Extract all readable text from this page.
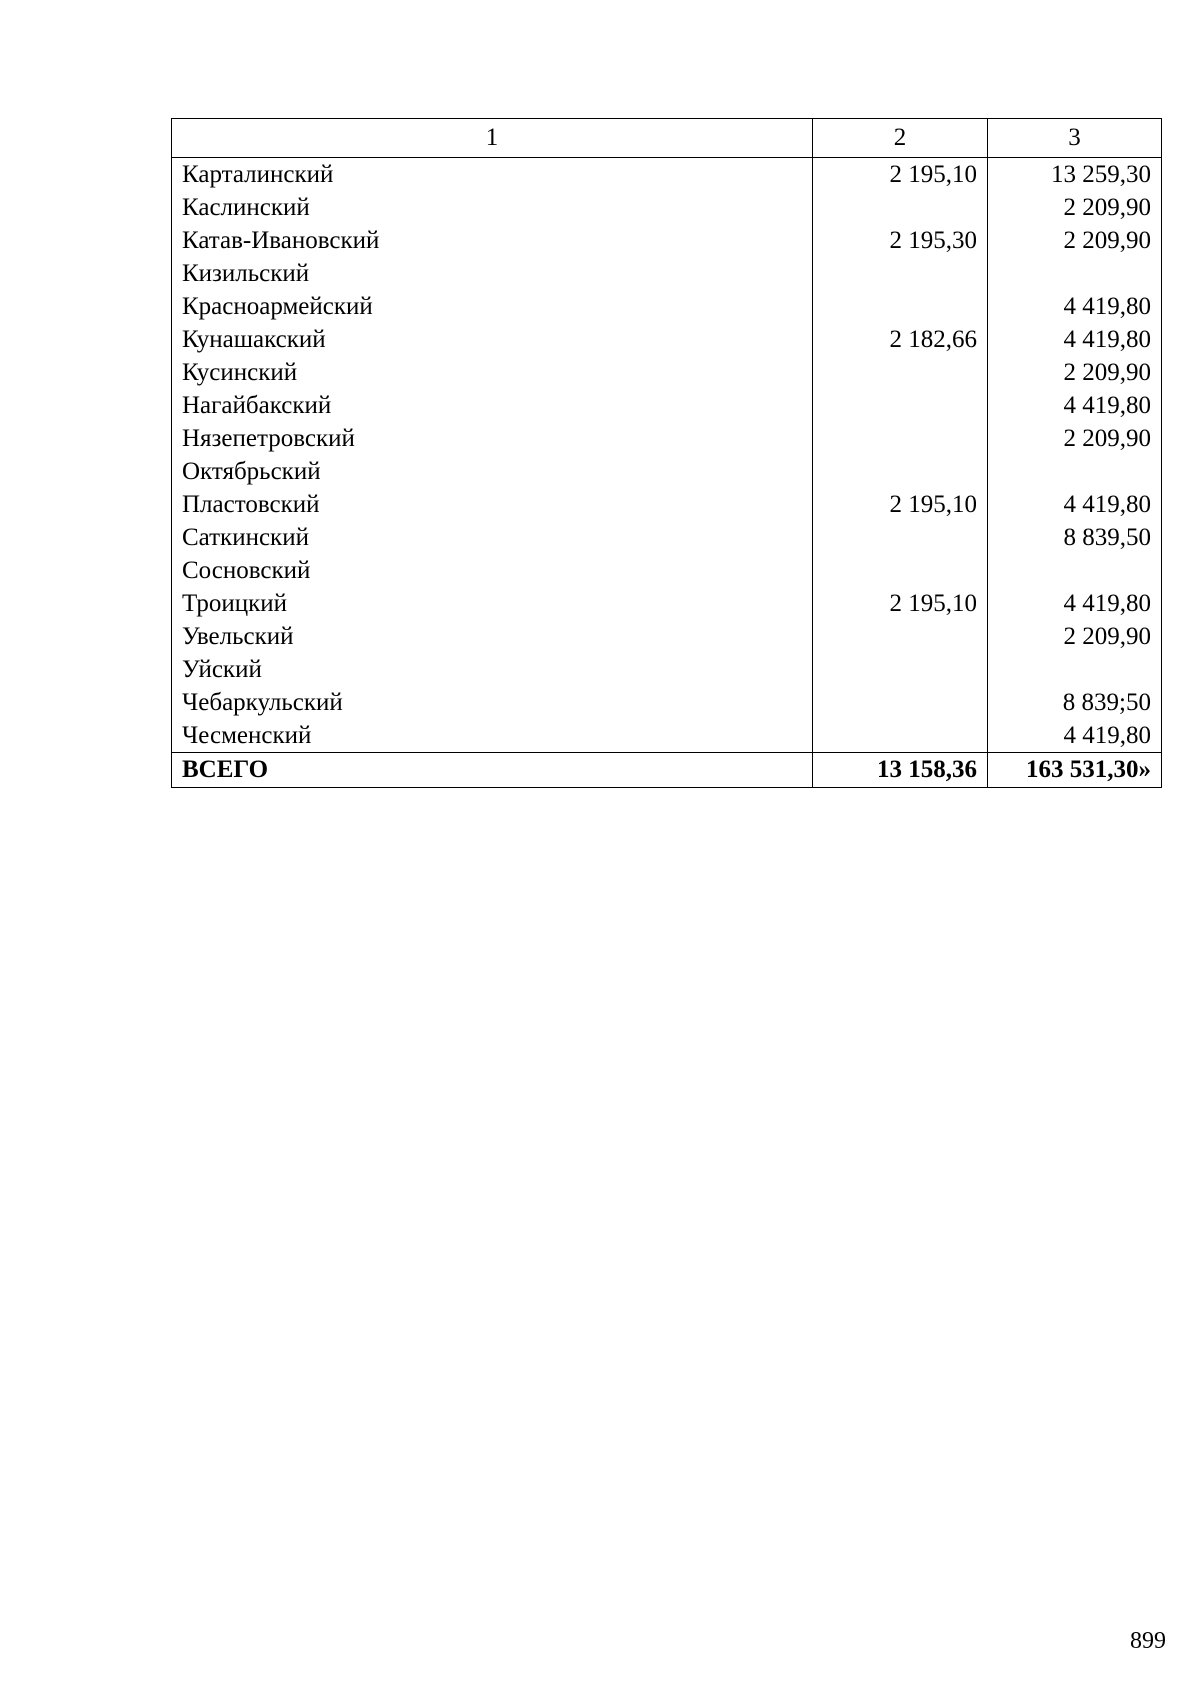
1	2	3
Карталинский	2 195,10	13 259,30
Каслинский		2 209,90
Катав-Ивановский	2 195,30	2 209,90
Кизильский		
Красноармейский		4 419,80
Кунашакский	2 182,66	4 419,80
Кусинский		2 209,90
Нагайбакский		4 419,80
Нязепетровский		2 209,90
Октябрьский		
Пластовский	2 195,10	4 419,80
Саткинский		8 839,50
Сосновский		
Троицкий	2 195,10	4 419,80
Увельский		2 209,90
Уйский		
Чебаркульский		8 839;50
Чесменский		4 419,80
ВСЕГО	13 158,36	163 531,30»
899
